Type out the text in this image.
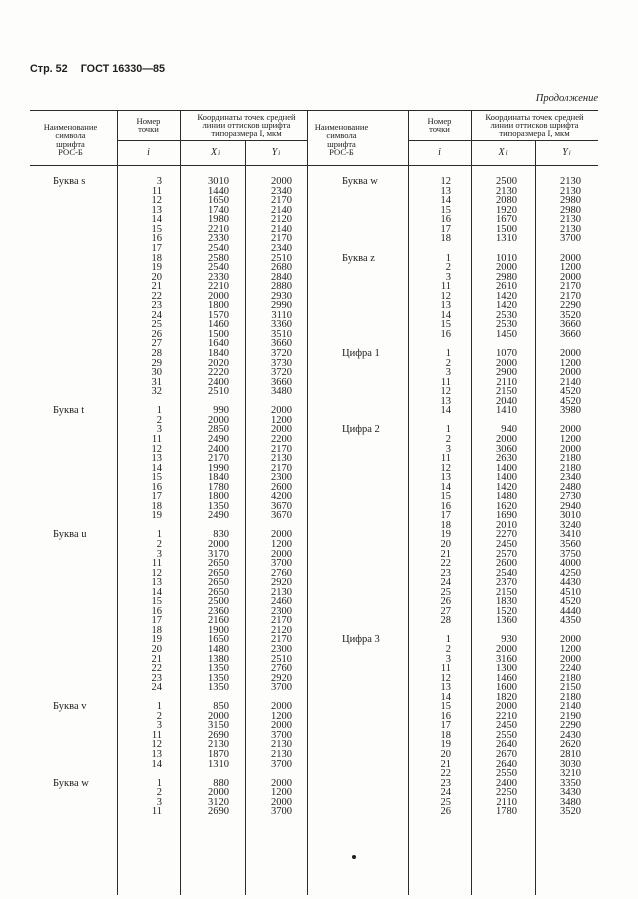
Стр. 52 ГОСТ 16330—85
Продолжение
Наименование
символа
шрифта
РОС-Б
Номер
точки
Координаты точек средней
линии оттисков шрифта
типоразмера I, мкм
i	X i	Y i
Наименование
символа
шрифта
РОС-Б
Номер
точки
Координаты точек средней
линии оттисков шрифта
типоразмера I, мкм
i	X i	Y i
Буква s	3	3010	2000
11	1440	2340
12	1650	2170
13	1740	2140
14	1980	2120
15	2210	2140
16	2330	2170
17	2540	2340
18	2580	2510
19	2540	2680
20	2330	2840
21	2210	2880
22	2000	2930
23	1800	2990
24	1570	3110
25	1460	3360
26	1500	3510
27	1640	3660
28	1840	3720
29	2020	3730
30	2220	3720
31	2400	3660
32	2510	3480
Буква t	1	990	2000
2	2000	1200
3	2850	2000
11	2490	2200
12	2400	2170
13	2170	2130
14	1990	2170
15	1840	2300
16	1780	2600
17	1800	4200
18	1350	3670
19	2490	3670
Буква u	1	830	2000
2	2000	1200
3	3170	2000
11	2650	3700
12	2650	2760
13	2650	2920
14	2650	2130
15	2500	2460
16	2360	2300
17	2160	2170
18	1900	2120
19	1650	2170
20	1480	2300
21	1380	2510
22	1350	2760
23	1350	2920
24	1350	3700
Буква v	1	850	2000
2	2000	1200
3	3150	2000
11	2690	3700
12	2130	2130
13	1870	2130
14	1310	3700
Буква w	1	880	2000
2	2000	1200
3	3120	2000
11	2690	3700
Буква w	12	2500	2130
13	2130	2130
14	2080	2980
15	1920	2980
16	1670	2130
17	1500	2130
18	1310	3700
Буква z	1	1010	2000
2	2000	1200
3	2980	2000
11	2610	2170
12	1420	2170
13	1420	2290
14	2530	3520
15	2530	3660
16	1450	3660
Цифра 1	1	1070	2000
2	2000	1200
3	2900	2000
11	2110	2140
12	2150	4520
13	2040	4520
14	1410	3980
Цифра 2	1	940	2000
2	2000	1200
3	3060	2000
11	2630	2180
12	1400	2180
13	1400	2340
14	1420	2480
15	1480	2730
16	1620	2940
17	1690	3010
18	2010	3240
19	2270	3410
20	2450	3560
21	2570	3750
22	2600	4000
23	2540	4250
24	2370	4430
25	2150	4510
26	1830	4520
27	1520	4440
28	1360	4350
Цифра 3	1	930	2000
2	2000	1200
3	3160	2000
11	1300	2240
12	1460	2180
13	1600	2150
14	1820	2180
15	2000	2140
16	2210	2190
17	2450	2290
18	2550	2430
19	2640	2620
20	2670	2810
21	2640	3030
22	2550	3210
23	2400	3350
24	2250	3430
25	2110	3480
26	1780	3520
